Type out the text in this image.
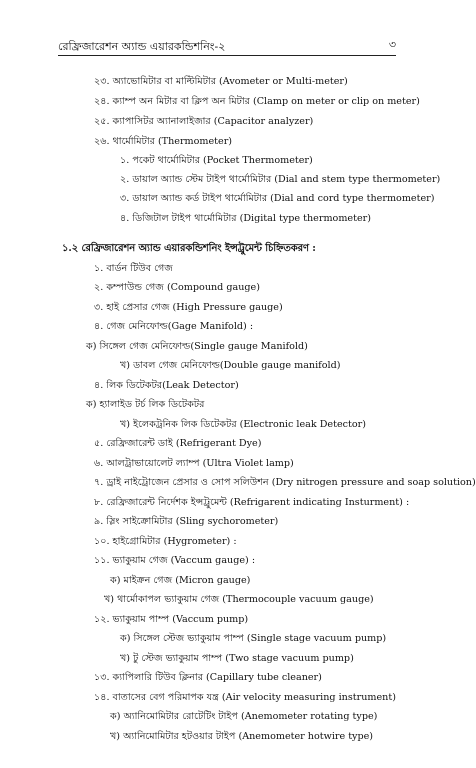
রেফ্রিজারেশন অ্যান্ড এয়ারকন্ডিশনিং-২	৩
২৩. অ্যাভোমিটার বা মাল্টিমিটার (Avometer or Multi-meter)
২৪. ক্যাম্প অন মিটার বা ক্লিপ অন মিটার (Clamp on meter or clip on meter)
২৫. ক্যাপাসিটর অ্যানালাইজার (Capacitor analyzer)
২৬. থার্মোমিটার (Thermometer)
১. পকেট থার্মোমিটার (Pocket Thermometer)
২. ডায়াল অ্যান্ড স্টেম টাইপ থার্মোমিটার (Dial and stem type thermometer)
৩. ডায়াল অ্যান্ড কর্ড টাইপ থার্মোমিটার (Dial and cord type thermometer)
৪. ডিজিটাল টাইপ থার্মোমিটার (Digital type thermometer)
১.২ রেফ্রিজারেশন অ্যান্ড এয়ারকন্ডিশনিং ইন্সট্রুমেন্ট চিহ্নিতকরণ :
১. বার্ডন টিউব গেজ
২. কম্পাউন্ড গেজ (Compound gauge)
৩. হাই প্রেসার গেজ (High Pressure gauge)
৪. গেজ মেনিফোল্ড(Gage Manifold) :
ক) সিঙ্গেল গেজ মেনিফোল্ড(Single gauge Manifold)
খ) ডাবল গেজ মেনিফোল্ড(Double gauge manifold)
৪. লিক ডিটেকটর(Leak Detector)
ক) হ্যালাইড টর্চ লিক ডিটেকটর
খ) ইলেকট্রনিক লিক ডিটেকটর (Electronic leak Detector)
৫. রেফ্রিজারেন্ট ডাই (Refrigerant Dye)
৬. আলট্রাভায়োলেট ল্যাম্প (Ultra Violet lamp)
৭. ড্রাই নাইট্রোজেন প্রেসার ও সোপ সলিউশন (Dry nitrogen pressure and soap solution)
৮. রেফ্রিজারেন্ট নির্দেশক ইন্সট্রুমেন্ট (Refrigarent indicating Insturment) :
৯. স্লিং সাইক্রোমিটার (Sling sychorometer)
১০. হাইগ্রোমিটার (Hygrometer) :
১১. ভ্যাকুয়াম গেজ (Vaccum gauge) :
ক) মাইক্রন গেজ (Micron gauge)
খ) থার্মোকাপল ভ্যাকুয়াম গেজ (Thermocouple vacuum gauge)
১২. ভ্যাকুয়াম পাম্প (Vaccum pump)
ক) সিঙ্গেল স্টেজ ভ্যাকুয়াম পাম্প (Single stage vacuum pump)
খ) টু স্টেজ ভ্যাকুয়াম পাম্প (Two stage vacuum pump)
১৩. ক্যাপিলারি টিউব ক্লিনার (Capillary tube cleaner)
১৪. বাতাসের বেগ পরিমাপক যন্ত্র (Air velocity measuring instrument)
ক) অ্যানিমোমিটার রোটেটিং টাইপ (Anemometer rotating type)
খ) অ্যানিমোমিটার হটওয়ার টাইপ (Anemometer hotwire type)
